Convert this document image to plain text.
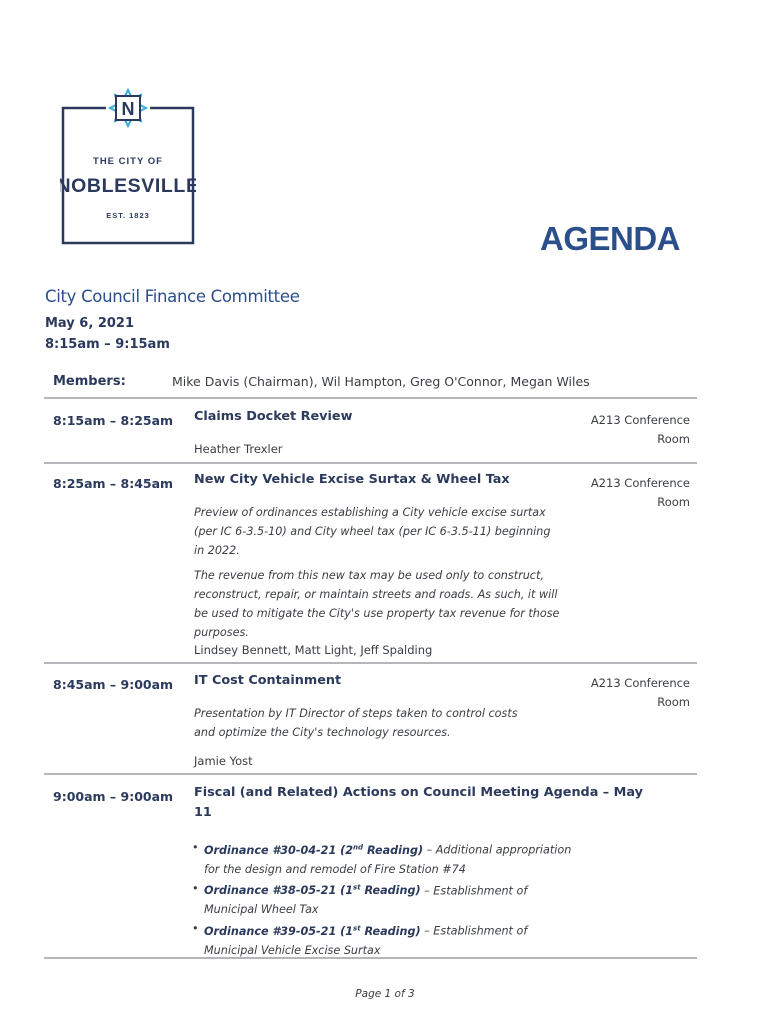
N
THE CITY OF
NOBLESVILLE
EST. 1823
AGENDA
City Council Finance Committee
May 6, 2021
8:15am – 9:15am
Members:	Mike Davis (Chairman), Wil Hampton, Greg O'Connor, Megan Wiles
8:15am – 8:25am Claims Docket Review	A213 Conference
Room
Heather Trexler
8:25am – 8:45am New City Vehicle Excise Surtax & Wheel Tax	A213 Conference
Room

Preview of ordinances establishing a City vehicle excise surtax (per IC 6-3.5-10) and City wheel tax (per IC 6-3.5-11) beginning in 2022.

The revenue from this new tax may be used only to construct, reconstruct, repair, or maintain streets and roads. As such, it will be used to mitigate the City's use property tax revenue for those purposes.

Lindsey Bennett, Matt Light, Jeff Spalding
8:45am – 9:00am IT Cost Containment	A213 Conference
Room

Presentation by IT Director of steps taken to control costs and optimize the City's technology resources.

Jamie Yost
9:00am – 9:00am Fiscal (and Related) Actions on Council Meeting Agenda – May
11
• Ordinance #30-04-21 (2nd Reading) – Additional appropriation for the design and remodel of Fire Station #74
• Ordinance #38-05-21 (1st Reading) – Establishment of Municipal Wheel Tax
• Ordinance #39-05-21 (1st Reading) – Establishment of Municipal Vehicle Excise Surtax
Page 1 of 3
